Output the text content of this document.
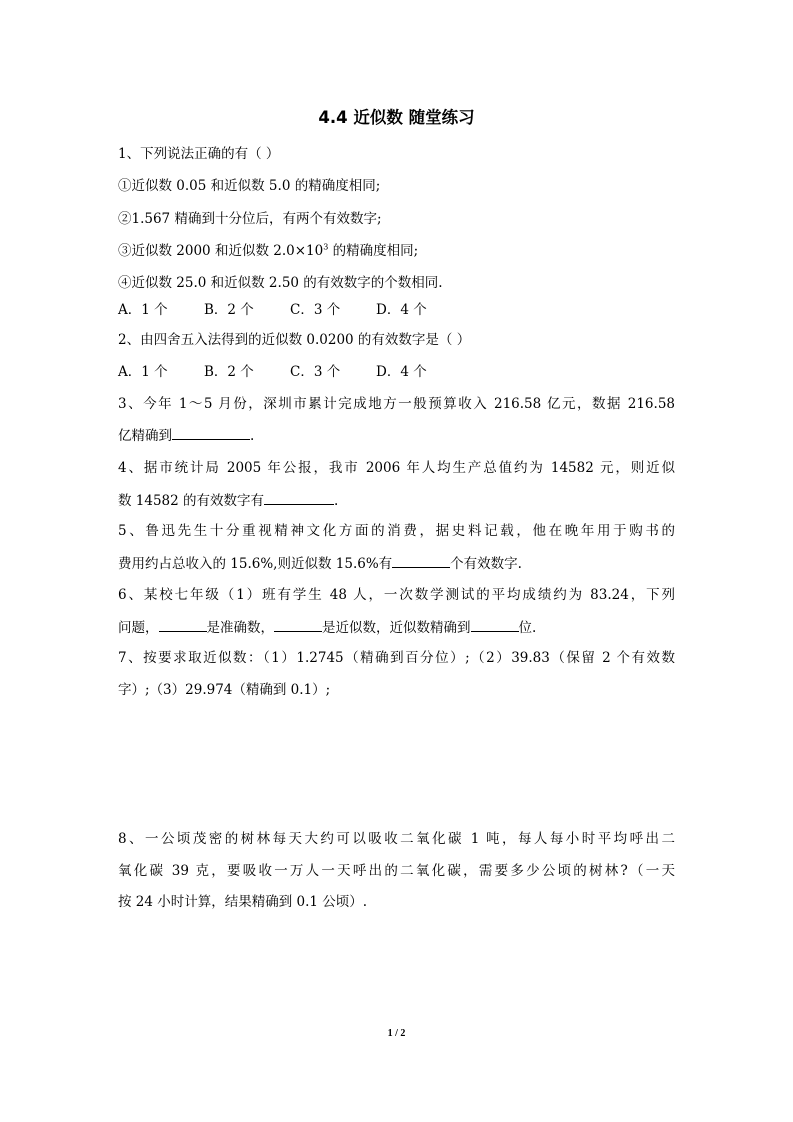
4.4 近似数 随堂练习
1、下列说法正确的有（ ）
①近似数 0.05 和近似数 5.0 的精确度相同;
②1.567 精确到十分位后，有两个有效数字;
③近似数 2000 和近似数 $2.0\times 10^3$ 的精确度相同;
④近似数 25.0 和近似数 2.50 的有效数字的个数相同.
A．1 个	B．2 个	C．3 个	D．4 个
2、由四舍五入法得到的近似数 0.0200 的有效数字是（ ）
A．1 个	B．2 个	C．3 个	D．4 个
3、今年 1～5 月份，深圳市累计完成地方一般预算收入 216.58 亿元，数据 216.58
亿精确到	.
4、据市统计局 2005 年公报，我市 2006 年人均生产总值约为 14582 元，则近似
数 14582 的有效数字有	.
5、鲁迅先生十分重视精神文化方面的消费，据史料记载，他在晚年用于购书的
费用约占总收入的 15.6%,则近似数 15.6%有	个有效数字.
6、某校七年级（1）班有学生 48 人，一次数学测试的平均成绩约为 83.24，下列
问题，	是准确数，	是近似数，近似数精确到	位.
7、按要求取近似数：（1）1.2745（精确到百分位）;（2）39.83（保留 2 个有效数
字）;（3）29.974（精确到 0.1）;
8、一公顷茂密的树林每天大约可以吸收二氧化碳 1 吨，每人每小时平均呼出二
氧化碳 39 克，要吸收一万人一天呼出的二氧化碳，需要多少公顷的树林?（一天
按 24 小时计算，结果精确到 0.1 公顷）.
1 / 2
